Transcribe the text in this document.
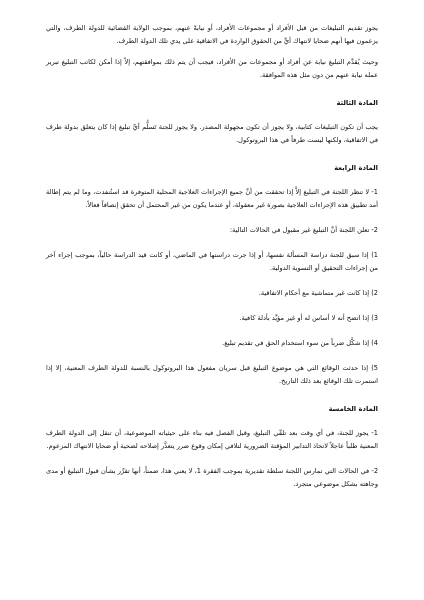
يجوز تقديم التبليغات من قبل الأفراد أو مجموعات الأفراد، أو نيابةً عنهم، بموجب الولاية القضائية للدولة الطرف، والتي يزعمون فيها أنهم ضحايا لانتهاك أيٍّ من الحقوق الواردة في الاتفاقية على يدي تلك الدولة الطرف.

وحيث يُقدَّم التبليغ نيابة عن أفراد أو مجموعات من الأفراد، فيجب أن يتم ذلك بموافقتهم، إلاّ إذا أمكن لكاتب التبليغ تبرير عمله نيابة عنهم من دون مثل هذه الموافقة.

المادة الثالثة

يجب أن تكون التبليغات كتابية، ولا يجوز أن تكون مجهولة المصدر. ولا يجوز للجنة تَسلُّم أيِّ تبليغ إذا كان يتعلق بدولة طرف في الاتفاقية، ولكنها ليست طرفاً في هذا البروتوكول.

المادة الرابعة

1- لا تنظر اللجنة في التبليغ إلاَّ إذا تحققت من أنَّ جميع الإجراءات العلاجية المحلية المتوفرة قد استُنفدت، وما لم يتم إطالة أمد تطبيق هذه الإجراءات العلاجية بصورة غير معقولة، أو عندما يكون من غير المحتمل أن تحقق إنصافاً فعالاً.

2- تعلن اللجنة أنَّ التبليغ غير مقبول في الحالات التالية:

1) إذا سبق للجنة دراسة المسألة نفسها، أو إذا جرت دراستها في الماضي، أو كانت قيد الدراسة حالياً، بموجب إجراء آخر من إجراءات التحقيق أو التسوية الدولية.

2) إذا كانت غير متماشية مع أحكام الاتفاقية.

3) إذا اتضح أنه لا أساس له أو غير مؤيَّد بأدلة كافية.

4) إذا شكَّل ضرباً من سوء استخدام الحق في تقديم تبليغ.

5) إذا حدثت الوقائع التي هي موضوع التبليغ قبل سريان مفعول هذا البروتوكول بالنسبة للدولة الطرف المعنية، إلا إذا استمرت تلك الوقائع بعد ذلك التاريخ.

المادة الخامسة

1- يجوز للجنة، في أي وقت بعد تلقّي التبليغ، وقبل الفصل فيه بناء على حيثياته الموضوعية، أن تنقل إلى الدولة الطرف المعنية طلباً عاجلاً لاتخاذ التدابير المؤقتة الضرورية لتلافي إمكان وقوع ضرر يتعذَّر إصلاحه لضحية أو ضحايا الانتهاك المزعوم.

2- في الحالات التي تمارس اللجنة سلطة تقديرية بموجب الفقرة 1، لا يعني هذا، ضمناً، أنها تقرِّر بشأن قبول التبليغ أو مدى وجاهته بشكل موضوعي متجرد.
